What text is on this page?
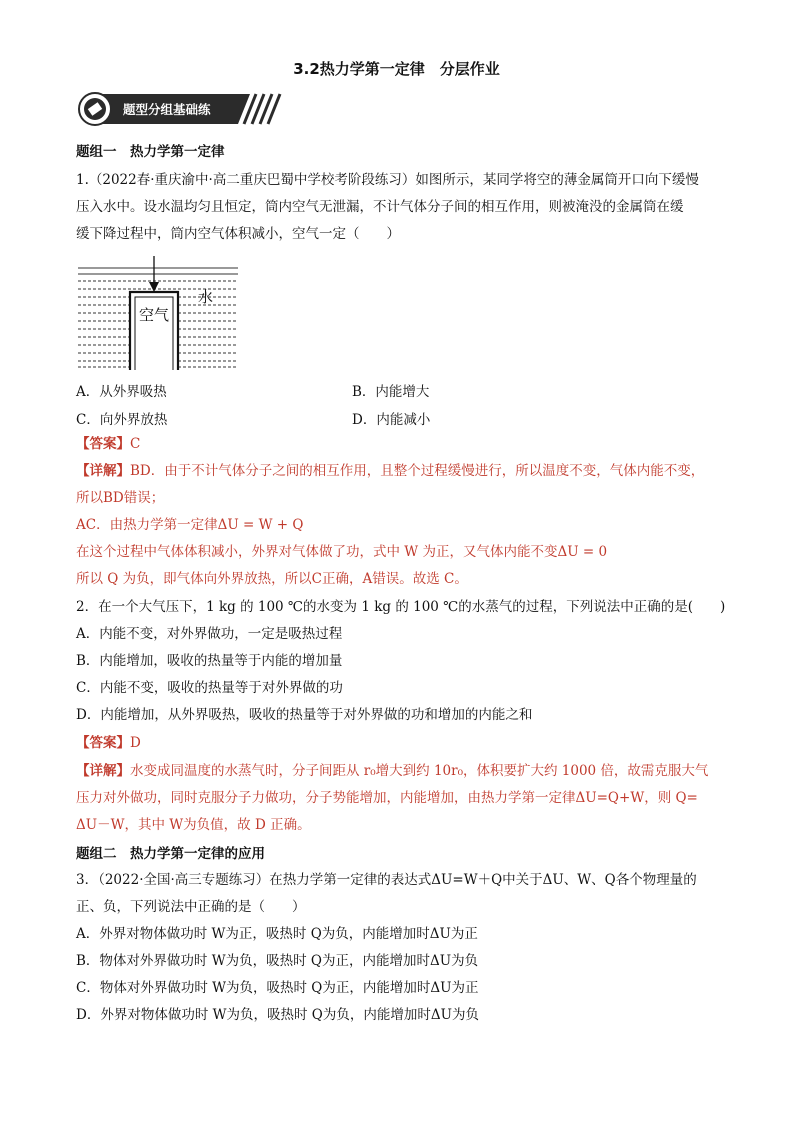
3.2热力学第一定律　分层作业
题型分组基础练
题组一　热力学第一定律
1.（2022春·重庆渝中·高二重庆巴蜀中学校考阶段练习）如图所示，某同学将空的薄金属筒开口向下缓慢
压入水中。设水温均匀且恒定，筒内空气无泄漏，不计气体分子间的相互作用，则被淹没的金属筒在缓
缓下降过程中，筒内空气体积减小，空气一定（　　）
空气
水
A．从外界吸热	B．内能增大
C．向外界放热	D．内能减小
【答案】C
【详解】BD．由于不计气体分子之间的相互作用，且整个过程缓慢进行，所以温度不变，气体内能不变，
所以BD错误；
AC．由热力学第一定律ΔU = W + Q
在这个过程中气体体积减小，外界对气体做了功，式中 W 为正，又气体内能不变ΔU = 0
所以 Q 为负，即气体向外界放热，所以C正确，A错误。故选 C。
2．在一个大气压下，1 kg 的 100 ℃的水变为 1 kg 的 100 ℃的水蒸气的过程，下列说法中正确的是(　　)
A．内能不变，对外界做功，一定是吸热过程
B．内能增加，吸收的热量等于内能的增加量
C．内能不变，吸收的热量等于对外界做的功
D．内能增加，从外界吸热，吸收的热量等于对外界做的功和增加的内能之和
【答案】D
【详解】水变成同温度的水蒸气时，分子间距从 r₀增大到约 10r₀，体积要扩大约 1000 倍，故需克服大气
压力对外做功，同时克服分子力做功，分子势能增加，内能增加，由热力学第一定律ΔU=Q+W，则 Q=
ΔU－W，其中 W为负值，故 D 正确。
题组二　热力学第一定律的应用
3．（2022·全国·高三专题练习）在热力学第一定律的表达式ΔU=W＋Q中关于ΔU、W、Q各个物理量的
正、负，下列说法中正确的是（　　）
A．外界对物体做功时 W为正，吸热时 Q为负，内能增加时ΔU为正
B．物体对外界做功时 W为负，吸热时 Q为正，内能增加时ΔU为负
C．物体对外界做功时 W为负，吸热时 Q为正，内能增加时ΔU为正
D．外界对物体做功时 W为负，吸热时 Q为负，内能增加时ΔU为负
